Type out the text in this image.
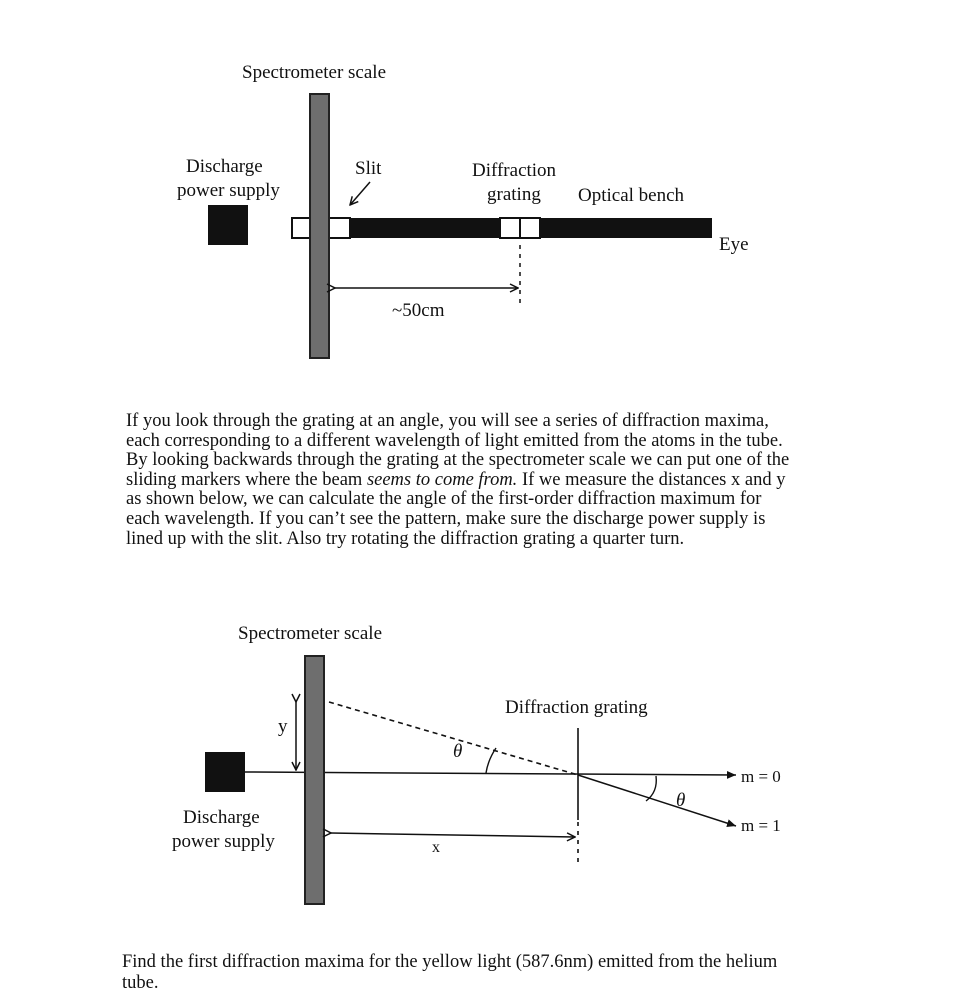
Spectrometer scale
Discharge
power supply
Slit	Diffraction
grating Optical bench
Eye
~50cm
If you look through the grating at an angle, you will see a series of diffraction maxima,
each corresponding to a different wavelength of light emitted from the atoms in the tube.
By looking backwards through the grating at the spectrometer scale we can put one of the
sliding markers where the beam seems to come from. If we measure the distances x and y
as shown below, we can calculate the angle of the first-order diffraction maximum for
each wavelength. If you can’t see the pattern, make sure the discharge power supply is
lined up with the slit. Also try rotating the diffraction grating a quarter turn.
Spectrometer scale
Diffraction grating
y
θ
θ
m = 0
m = 1
Discharge
power supply	x
Find the first diffraction maxima for the yellow light (587.6nm) emitted from the helium
tube.
